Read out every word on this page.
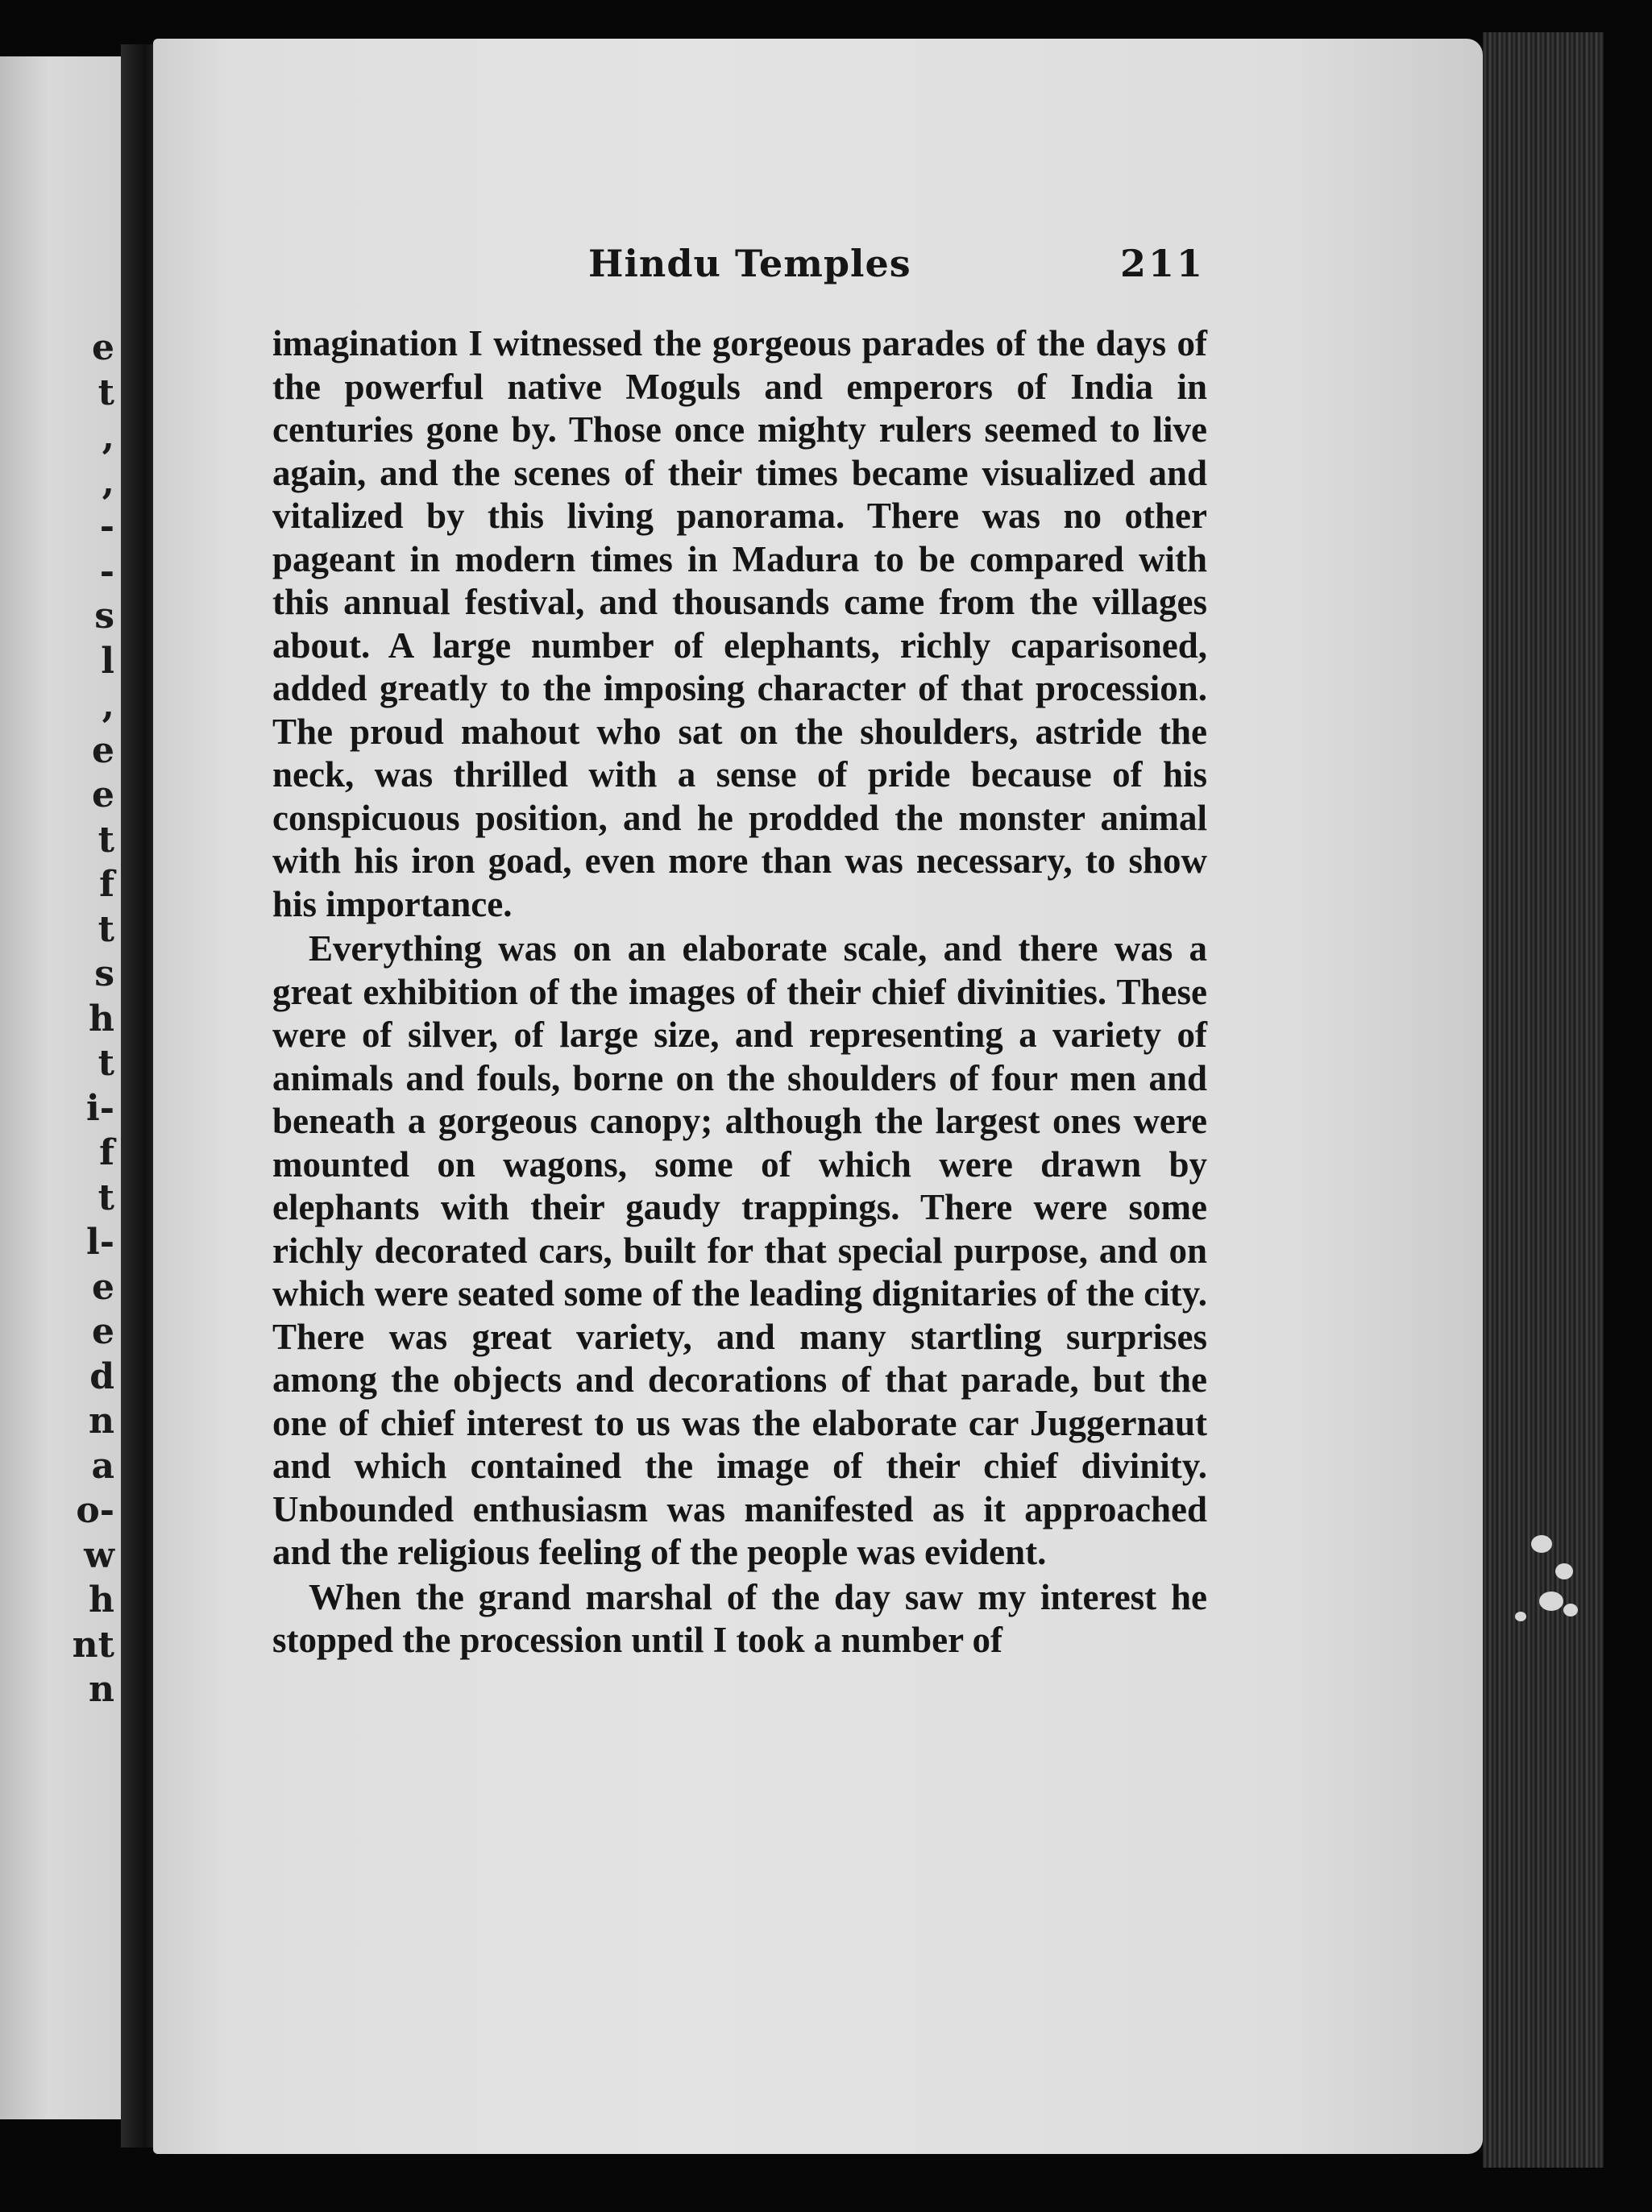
e
t
,
,
-
-
s
l
,
e
e
t
f
t
s
h
t
i-
f
t
l-
e
e
d
n
a
o-
w
h
nt
n
Hindu Temples	211

imagination I witnessed the gorgeous parades of the days of the powerful native Moguls and emperors of India in centuries gone by. Those once mighty rulers seemed to live again, and the scenes of their times became visualized and vitalized by this living panorama. There was no other pageant in modern times in Madura to be compared with this annual festival, and thousands came from the villages about. A large number of elephants, richly caparisoned, added greatly to the imposing character of that procession. The proud mahout who sat on the shoulders, astride the neck, was thrilled with a sense of pride because of his conspicuous position, and he prodded the monster animal with his iron goad, even more than was necessary, to show his importance.

Everything was on an elaborate scale, and there was a great exhibition of the images of their chief divinities. These were of silver, of large size, and representing a variety of animals and fouls, borne on the shoulders of four men and beneath a gorgeous canopy; although the largest ones were mounted on wagons, some of which were drawn by elephants with their gaudy trappings. There were some richly decorated cars, built for that special purpose, and on which were seated some of the leading dignitaries of the city. There was great variety, and many startling surprises among the objects and decorations of that parade, but the one of chief interest to us was the elaborate car Juggernaut and which contained the image of their chief divinity. Unbounded enthusiasm was manifested as it approached and the religious feeling of the people was evident.

When the grand marshal of the day saw my interest he stopped the procession until I took a number of
